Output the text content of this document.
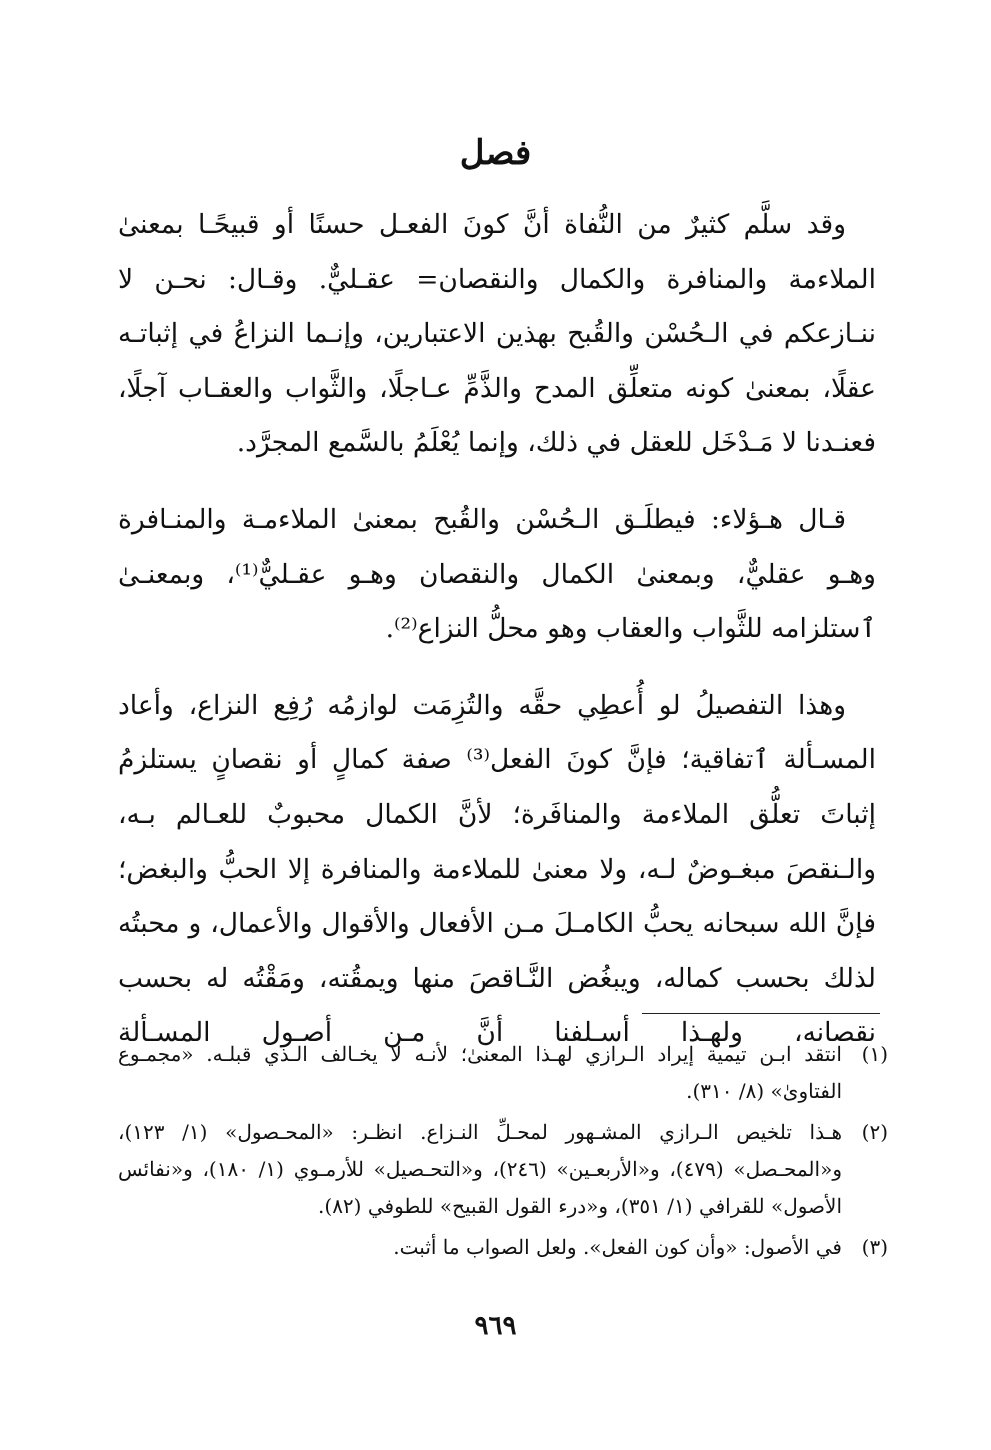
فصل

وقد سلَّم كثيرٌ من النُّفاة أنَّ كونَ الفعـل حسنًا أو قبيحًـا بمعنىٰ الملاءمة والمنافرة والكمال والنقصان= عقـليٌّ. وقـال: نحـن لا ننـازعكم في الـحُسْن والقُبح بهذين الاعتبارين، وإنـما النزاعُ في إثباتـه عقلًا، بمعنىٰ كونه متعلِّق المدح والذَّمِّ عـاجلًا، والثَّواب والعقـاب آجلًا، فعنـدنا لا مَـدْخَل للعقل في ذلك، وإنما يُعْلَمُ بالسَّمع المجرَّد.

قـال هـؤلاء: فيطلَـق الـحُسْن والقُبح بمعنىٰ الملاءمـة والمنـافرة وهـو عقليٌّ، وبمعنىٰ الكمال والنقصان وهـو عقـليٌّ⁽¹⁾، وبمعنـىٰ ٱستلزامه للثَّواب والعقاب وهو محلُّ النزاع⁽²⁾.

وهذا التفصيلُ لو أُعطِي حقَّه والتُزِمَت لوازمُه رُفِع النزاع، وأعاد المسـألة ٱتفاقية؛ فإنَّ كونَ الفعل⁽³⁾ صفة كمالٍ أو نقصانٍ يستلزمُ إثباتَ تعلُّق الملاءمة والمنافَرة؛ لأنَّ الكمال محبوبٌ للعـالم بـه، والـنقصَ مبغـوضٌ لـه، ولا معنىٰ للملاءمة والمنافرة إلا الحبُّ والبغض؛ فإنَّ الله سبحانه يحبُّ الكامـلَ مـن الأفعال والأقوال والأعمال، و محبتُه لذلك بحسب كماله، ويبغُض النَّـاقصَ منها ويمقُته، ومَقْتُه له بحسب نقصانه، ولهـذا أسـلفنا أنَّ مـن أصـول المسـألة

(١)
انتقد ابـن تيمية إيراد الـرازي لهـذا المعنىٰ؛ لأنـه لا يخـالف الـذي قبلـه. «مجمـوع الفتاوىٰ» (٨/ ٣١٠).
(٢)
هـذا تلخيص الـرازي المشـهور لمحـلِّ النـزاع. انظـر: «المحـصول» (١/ ١٢٣)، و«المحـصل» (٤٧٩)، و«الأربعـين» (٢٤٦)، و«التحـصيل» للأرمـوي (١/ ١٨٠)، و«نفائس الأصول» للقرافي (١/ ٣٥١)، و«درء القول القبيح» للطوفي (٨٢).
(٣)
في الأصول: «وأن كون الفعل». ولعل الصواب ما أثبت.
٩٦٩
